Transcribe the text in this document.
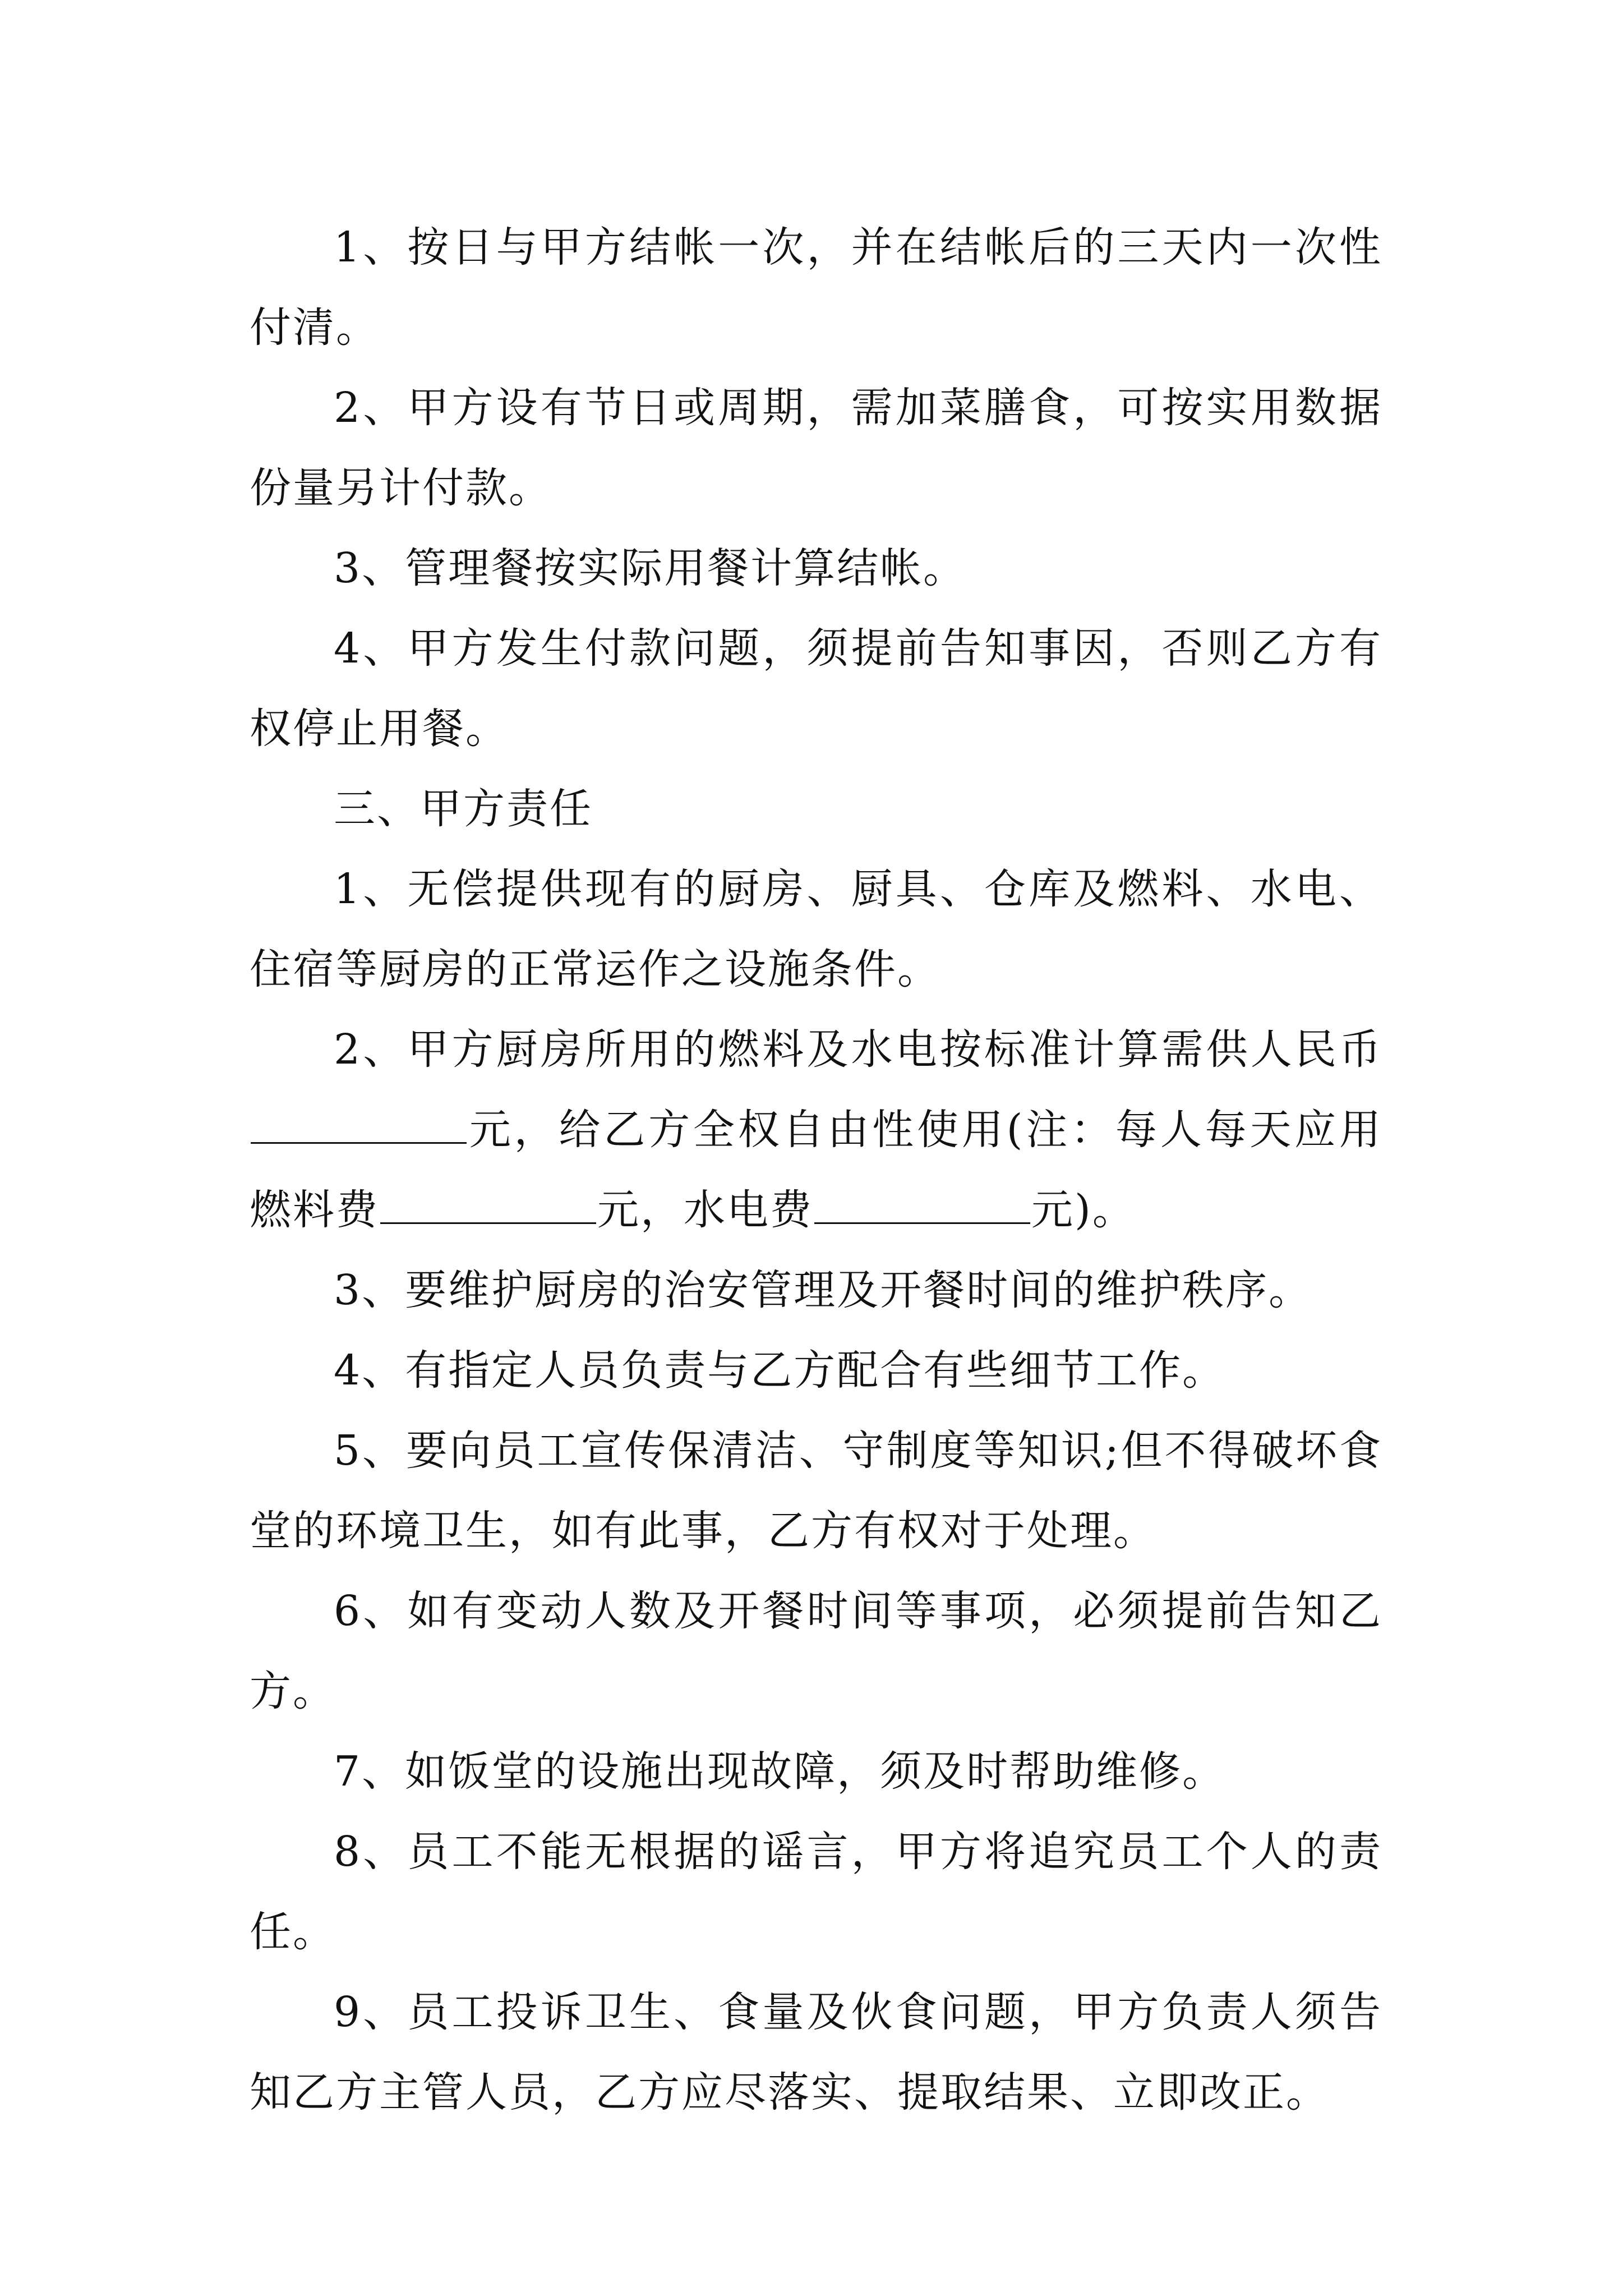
1、按日与甲方结帐一次，并在结帐后的三天内一次性付清。

2、甲方设有节日或周期，需加菜膳食，可按实用数据份量另计付款。

3、管理餐按实际用餐计算结帐。

4、甲方发生付款问题，须提前告知事因，否则乙方有权停止用餐。

三、甲方责任

1、无偿提供现有的厨房、厨具、仓库及燃料、水电、住宿等厨房的正常运作之设施条件。

2、甲方厨房所用的燃料及水电按标准计算需供人民币元，给乙方全权自由性使用(注：每人每天应用燃料费	元，水电费	元)。

3、要维护厨房的治安管理及开餐时间的维护秩序。

4、有指定人员负责与乙方配合有些细节工作。

5、要向员工宣传保清洁、守制度等知识;但不得破坏食堂的环境卫生，如有此事，乙方有权对于处理。

6、如有变动人数及开餐时间等事项，必须提前告知乙方。

7、如饭堂的设施出现故障，须及时帮助维修。

8、员工不能无根据的谣言，甲方将追究员工个人的责任。

9、员工投诉卫生、食量及伙食问题，甲方负责人须告知乙方主管人员，乙方应尽落实、提取结果、立即改正。
